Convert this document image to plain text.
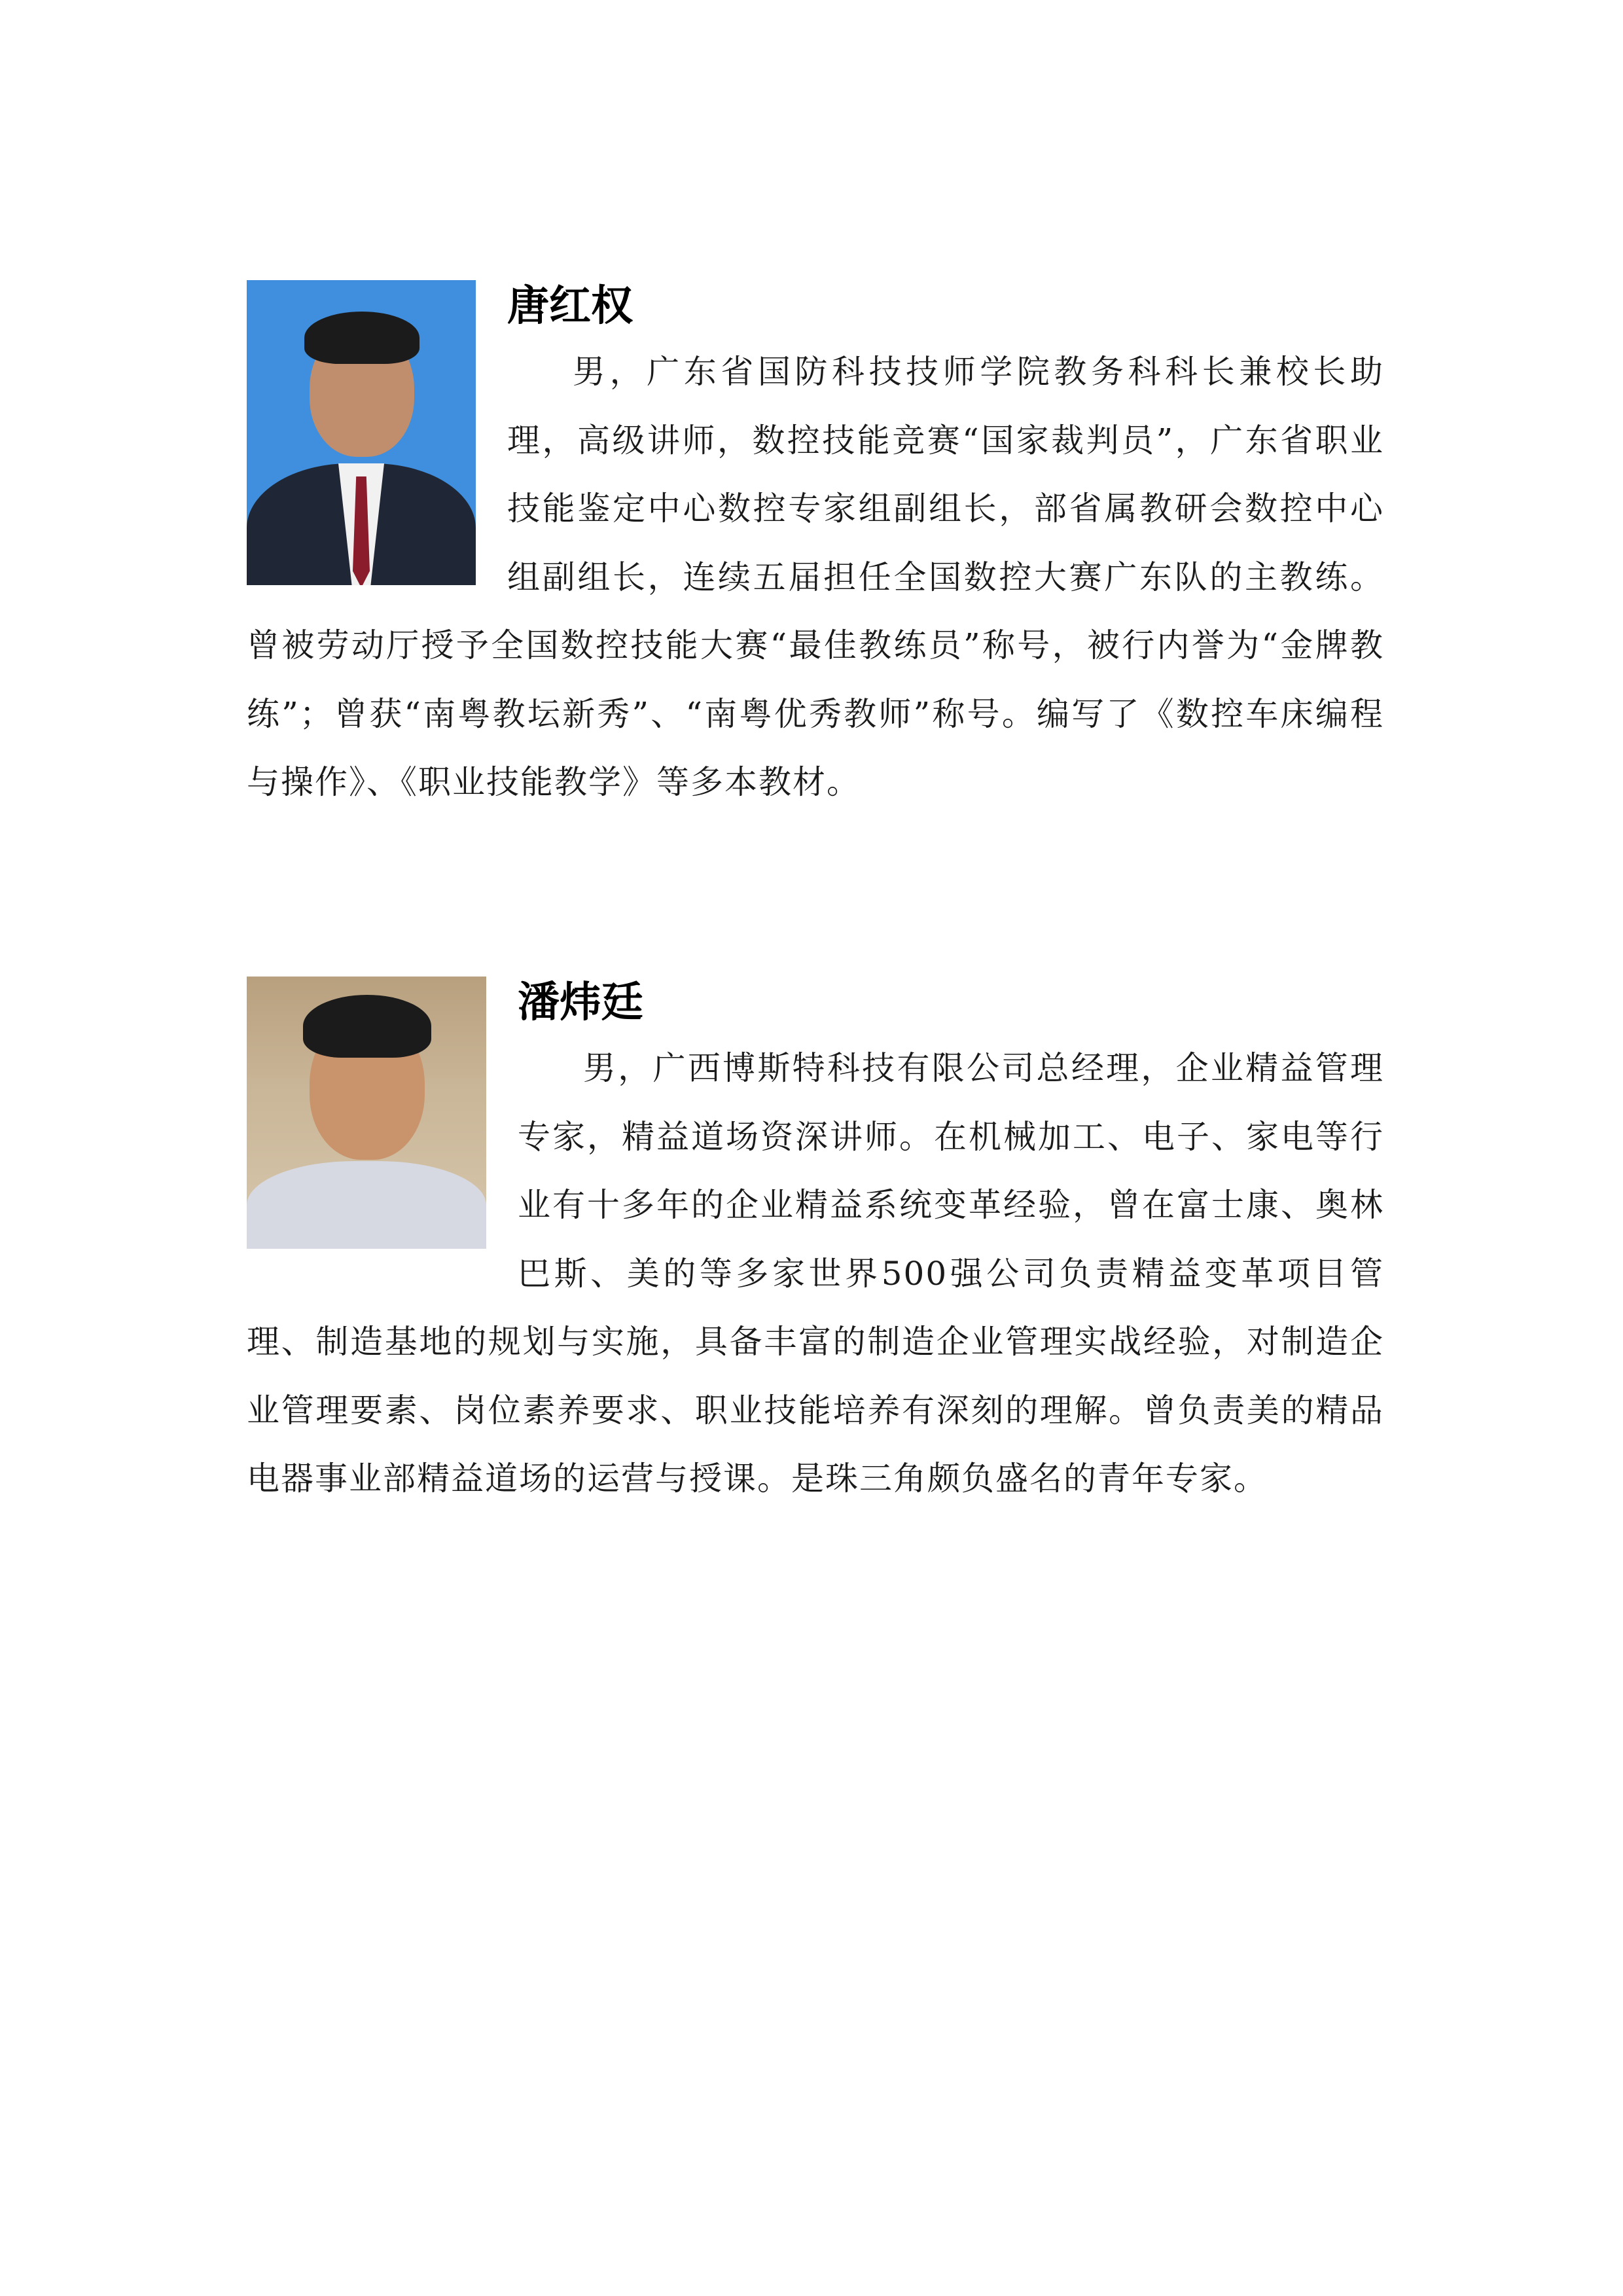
唐红权

男，广东省国防科技技师学院教务科科长兼校长助理，高级讲师，数控技能竞赛“国家裁判员”，广东省职业技能鉴定中心数控专家组副组长，部省属教研会数控中心组副组长，连续五届担任全国数控大赛广东队的主教练。曾被劳动厅授予全国数控技能大赛“最佳教练员”称号，被行内誉为“金牌教练”；曾获“南粤教坛新秀”、“南粤优秀教师”称号。编写了《数控车床编程与操作》、《职业技能教学》等多本教材。

潘炜廷

男，广西博斯特科技有限公司总经理，企业精益管理专家，精益道场资深讲师。在机械加工、电子、家电等行业有十多年的企业精益系统变革经验，曾在富士康、奥林巴斯、美的等多家世界500强公司负责精益变革项目管理、制造基地的规划与实施，具备丰富的制造企业管理实战经验，对制造企业管理要素、岗位素养要求、职业技能培养有深刻的理解。曾负责美的精品电器事业部精益道场的运营与授课。是珠三角颇负盛名的青年专家。
